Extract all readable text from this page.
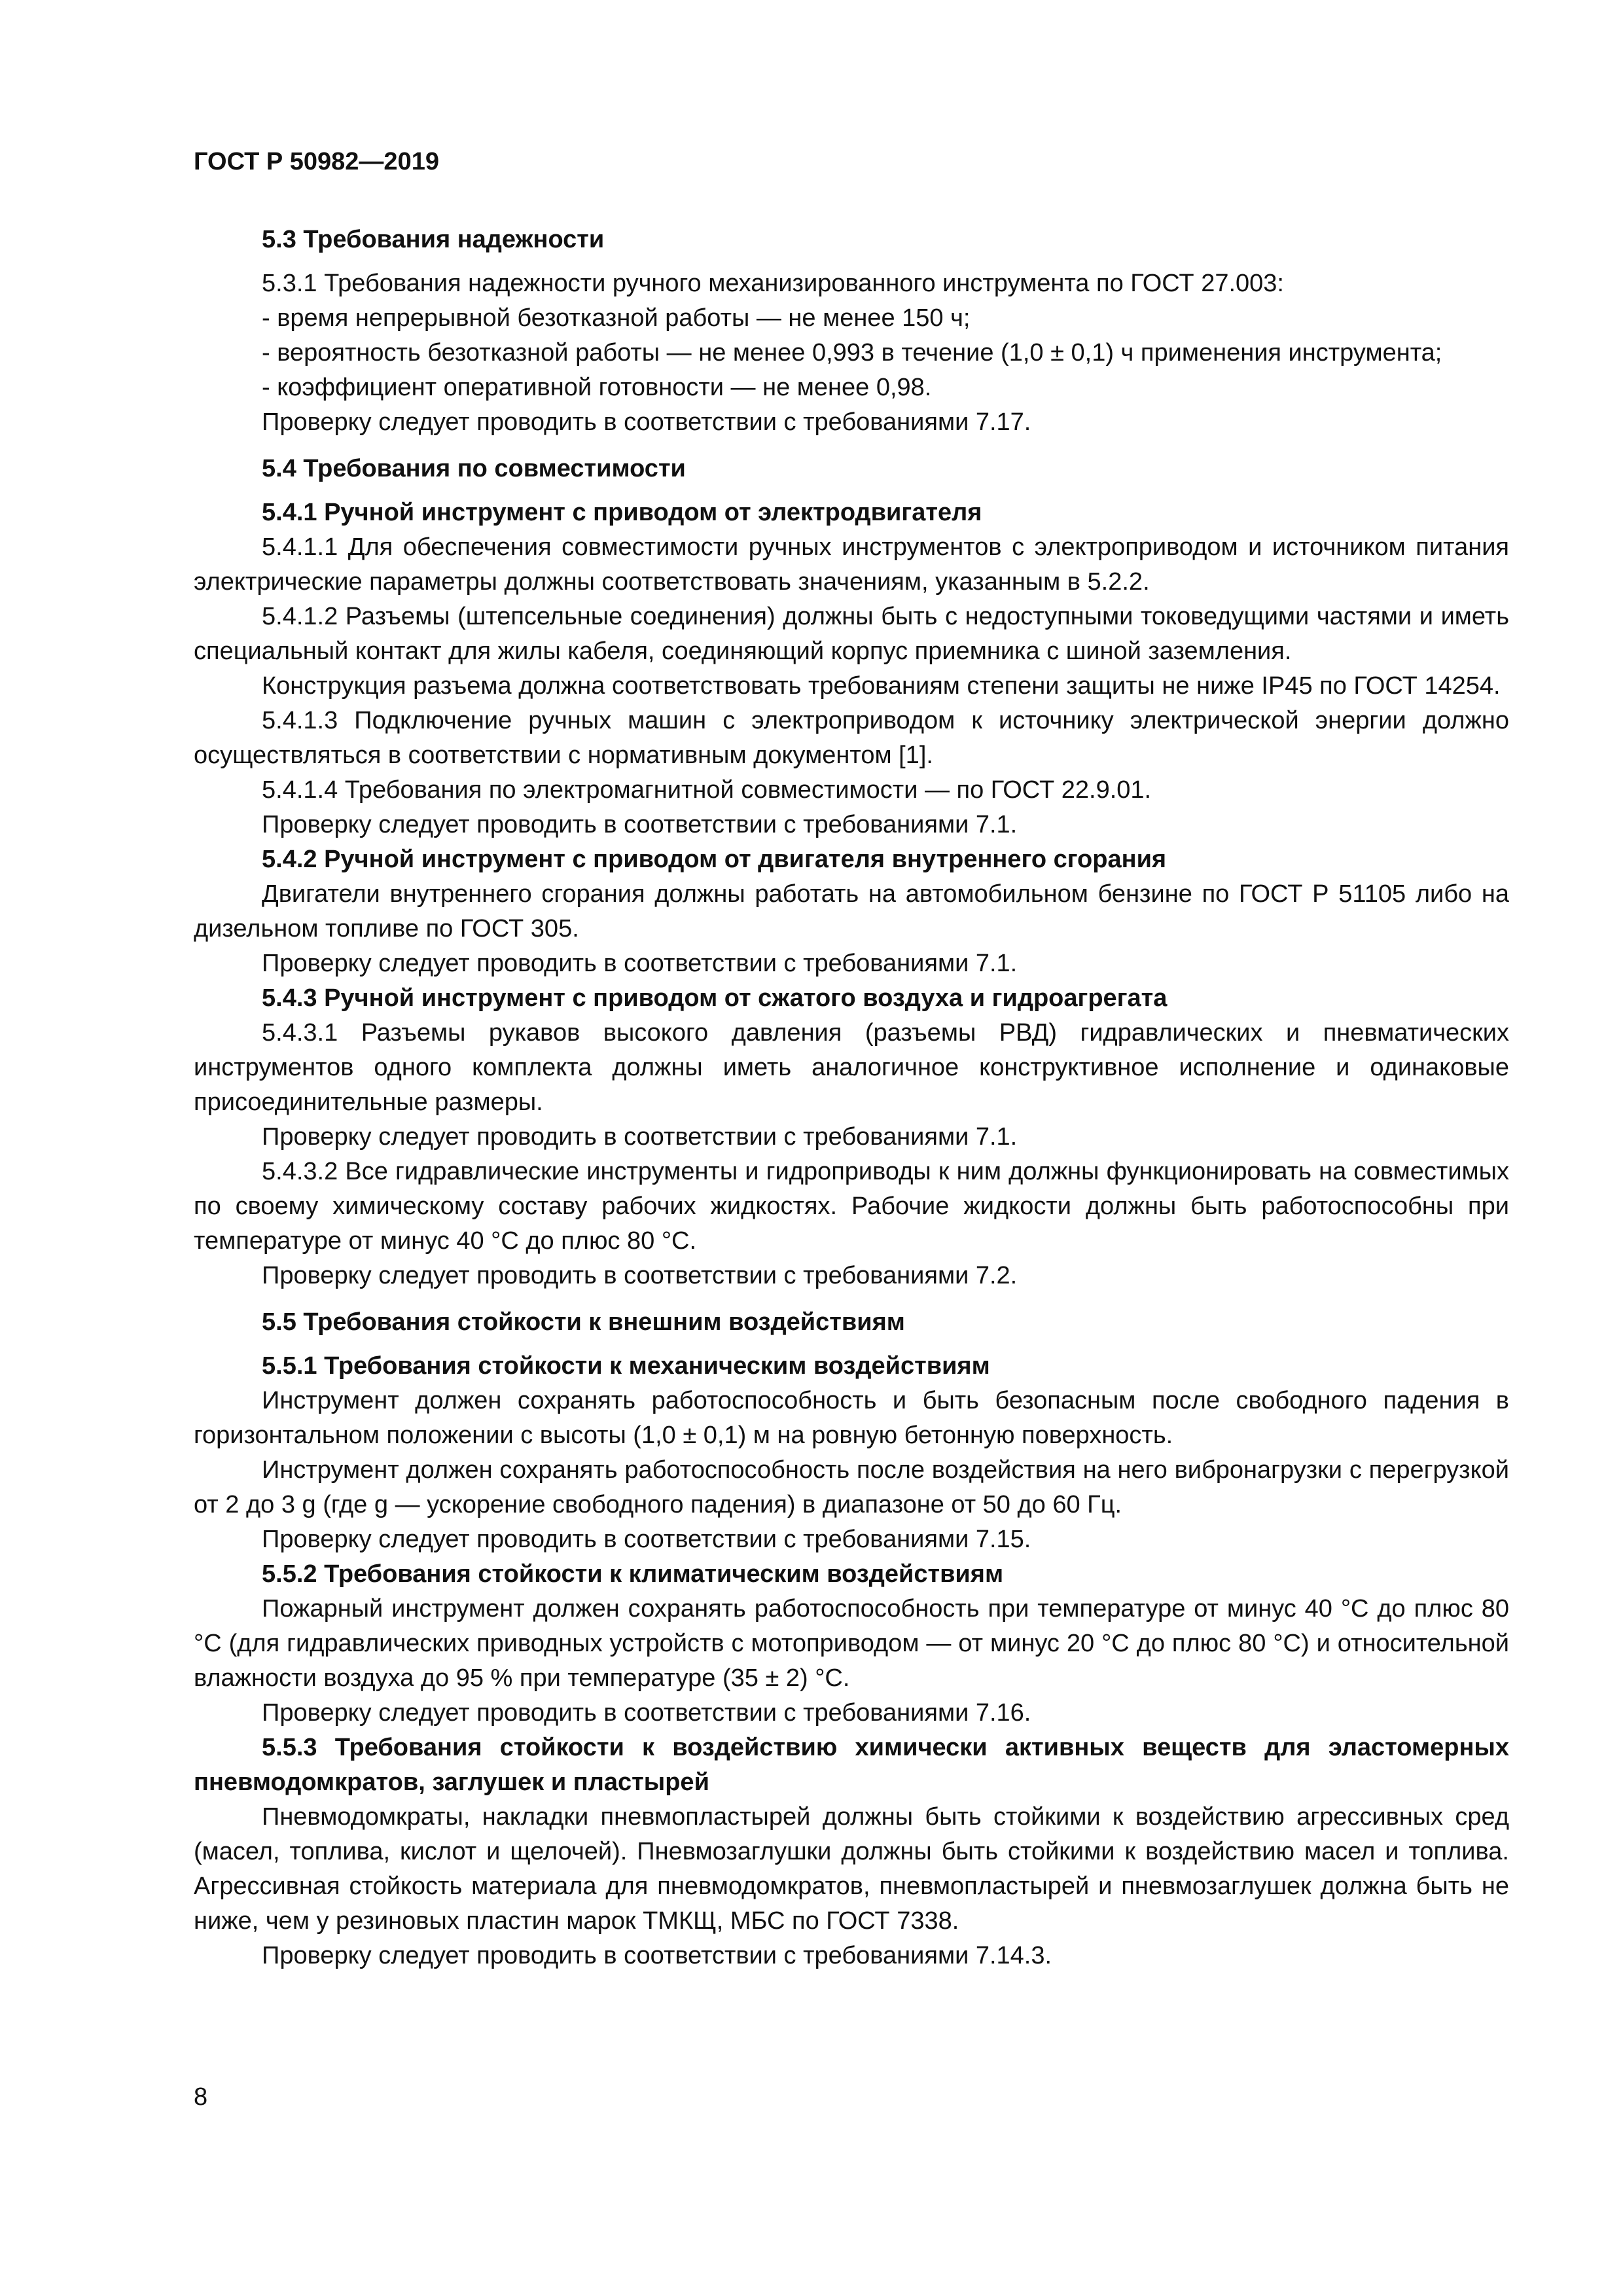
ГОСТ Р 50982—2019
5.3 Требования надежности

5.3.1 Требования надежности ручного механизированного инструмента по ГОСТ 27.003:

- время непрерывной безотказной работы — не менее 150 ч;

- вероятность безотказной работы — не менее 0,993 в течение (1,0 ± 0,1) ч применения инструмента;

- коэффициент оперативной готовности — не менее 0,98.

Проверку следует проводить в соответствии с требованиями 7.17.

5.4 Требования по совместимости
5.4.1 Ручной инструмент с приводом от электродвигателя

5.4.1.1 Для обеспечения совместимости ручных инструментов с электроприводом и источником питания электрические параметры должны соответствовать значениям, указанным в 5.2.2.

5.4.1.2 Разъемы (штепсельные соединения) должны быть с недоступными токоведущими частями и иметь специальный контакт для жилы кабеля, соединяющий корпус приемника с шиной заземления.

Конструкция разъема должна соответствовать требованиям степени защиты не ниже IP45 по ГОСТ 14254.

5.4.1.3 Подключение ручных машин с электроприводом к источнику электрической энергии должно осуществляться в соответствии с нормативным документом [1].

5.4.1.4 Требования по электромагнитной совместимости — по ГОСТ 22.9.01.

Проверку следует проводить в соответствии с требованиями 7.1.

5.4.2 Ручной инструмент с приводом от двигателя внутреннего сгорания

Двигатели внутреннего сгорания должны работать на автомобильном бензине по ГОСТ Р 51105 либо на дизельном топливе по ГОСТ 305.

Проверку следует проводить в соответствии с требованиями 7.1.

5.4.3 Ручной инструмент с приводом от сжатого воздуха и гидроагрегата

5.4.3.1 Разъемы рукавов высокого давления (разъемы РВД) гидравлических и пневматических инструментов одного комплекта должны иметь аналогичное конструктивное исполнение и одинаковые присоединительные размеры.

Проверку следует проводить в соответствии с требованиями 7.1.

5.4.3.2 Все гидравлические инструменты и гидроприводы к ним должны функционировать на совместимых по своему химическому составу рабочих жидкостях. Рабочие жидкости должны быть работоспособны при температуре от минус 40 °С до плюс 80 °С.

Проверку следует проводить в соответствии с требованиями 7.2.

5.5 Требования стойкости к внешним воздействиям
5.5.1 Требования стойкости к механическим воздействиям

Инструмент должен сохранять работоспособность и быть безопасным после свободного падения в горизонтальном положении с высоты (1,0 ± 0,1) м на ровную бетонную поверхность.

Инструмент должен сохранять работоспособность после воздействия на него вибронагрузки с перегрузкой от 2 до 3 g (где g — ускорение свободного падения) в диапазоне от 50 до 60 Гц.

Проверку следует проводить в соответствии с требованиями 7.15.

5.5.2 Требования стойкости к климатическим воздействиям

Пожарный инструмент должен сохранять работоспособность при температуре от минус 40 °С до плюс 80 °С (для гидравлических приводных устройств с мотоприводом — от минус 20 °С до плюс 80 °С) и относительной влажности воздуха до 95 % при температуре (35 ± 2) °С.

Проверку следует проводить в соответствии с требованиями 7.16.

5.5.3 Требования стойкости к воздействию химически активных веществ для эластомерных пневмодомкратов, заглушек и пластырей

Пневмодомкраты, накладки пневмопластырей должны быть стойкими к воздействию агрессивных сред (масел, топлива, кислот и щелочей). Пневмозаглушки должны быть стойкими к воздействию масел и топлива. Агрессивная стойкость материала для пневмодомкратов, пневмопластырей и пневмозаглушек должна быть не ниже, чем у резиновых пластин марок ТМКЩ, МБС по ГОСТ 7338.

Проверку следует проводить в соответствии с требованиями 7.14.3.

8
